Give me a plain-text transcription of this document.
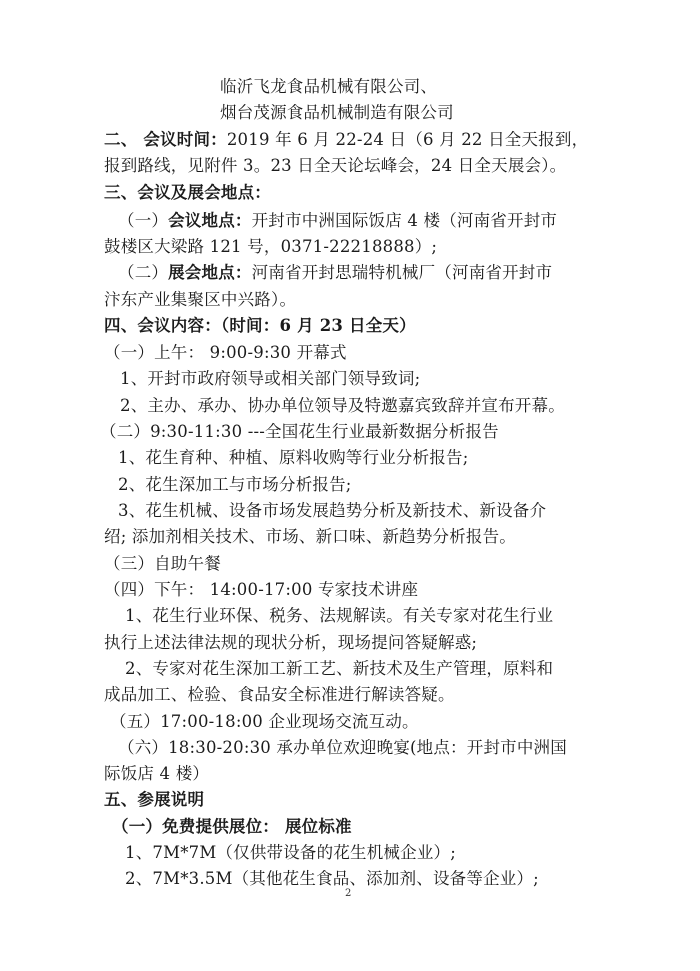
临沂飞龙食品机械有限公司、
烟台茂源食品机械制造有限公司
二、 会议时间：2019 年 6 月 22-24 日（6 月 22 日全天报到，
报到路线，见附件 3。23 日全天论坛峰会，24 日全天展会）。
三、会议及展会地点：
（一）会议地点：开封市中洲国际饭店 4 楼（河南省开封市
鼓楼区大梁路 121 号，0371-22218888）;
（二）展会地点：河南省开封思瑞特机械厂（河南省开封市
汴东产业集聚区中兴路）。
四、会议内容：（时间：6 月 23 日全天）
（一）上午： 9:00-9:30 开幕式
1、开封市政府领导或相关部门领导致词;
2、主办、承办、协办单位领导及特邀嘉宾致辞并宣布开幕。
（二）9:30-11:30 ---全国花生行业最新数据分析报告
1、花生育种、种植、原料收购等行业分析报告;
2、花生深加工与市场分析报告;
3、花生机械、设备市场发展趋势分析及新技术、新设备介
绍; 添加剂相关技术、市场、新口味、新趋势分析报告。
（三）自助午餐
（四）下午： 14:00-17:00 专家技术讲座
1、花生行业环保、税务、法规解读。有关专家对花生行业
执行上述法律法规的现状分析，现场提问答疑解惑;
2、专家对花生深加工新工艺、新技术及生产管理，原料和
成品加工、检验、食品安全标准进行解读答疑。
（五）17:00-18:00 企业现场交流互动。
（六）18:30-20:30 承办单位欢迎晚宴(地点：开封市中洲国
际饭店 4 楼）
五、参展说明
（一）免费提供展位： 展位标准
1、7M*7M（仅供带设备的花生机械企业）;
2、7M*3.5M（其他花生食品、添加剂、设备等企业）;
2
